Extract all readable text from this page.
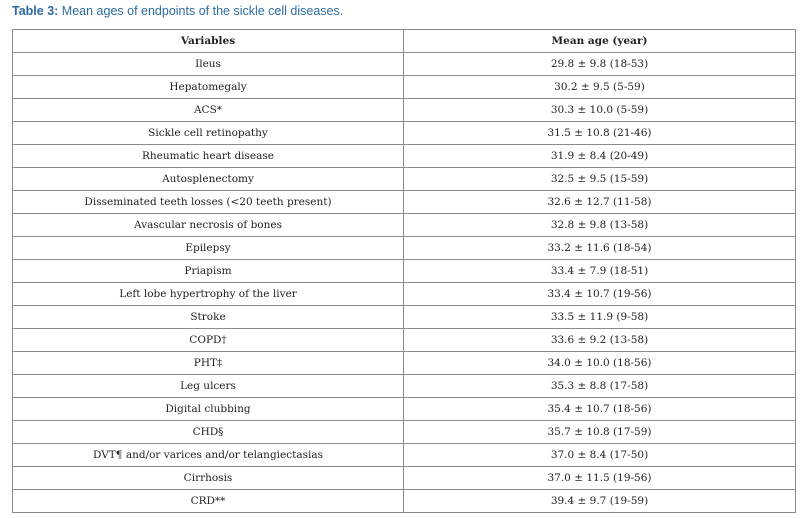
Table 3: Mean ages of endpoints of the sickle cell diseases.
Variables	Mean age (year)
Ileus	29.8 ± 9.8 (18-53)
Hepatomegaly	30.2 ± 9.5 (5-59)
ACS*	30.3 ± 10.0 (5-59)
Sickle cell retinopathy	31.5 ± 10.8 (21-46)
Rheumatic heart disease	31.9 ± 8.4 (20-49)
Autosplenectomy	32.5 ± 9.5 (15-59)
Disseminated teeth losses (<20 teeth present)	32.6 ± 12.7 (11-58)
Avascular necrosis of bones	32.8 ± 9.8 (13-58)
Epilepsy	33.2 ± 11.6 (18-54)
Priapism	33.4 ± 7.9 (18-51)
Left lobe hypertrophy of the liver	33.4 ± 10.7 (19-56)
Stroke	33.5 ± 11.9 (9-58)
COPD†	33.6 ± 9.2 (13-58)
PHT‡	34.0 ± 10.0 (18-56)
Leg ulcers	35.3 ± 8.8 (17-58)
Digital clubbing	35.4 ± 10.7 (18-56)
CHD§	35.7 ± 10.8 (17-59)
DVT¶ and/or varices and/or telangiectasias	37.0 ± 8.4 (17-50)
Cirrhosis	37.0 ± 11.5 (19-56)
CRD**	39.4 ± 9.7 (19-59)
